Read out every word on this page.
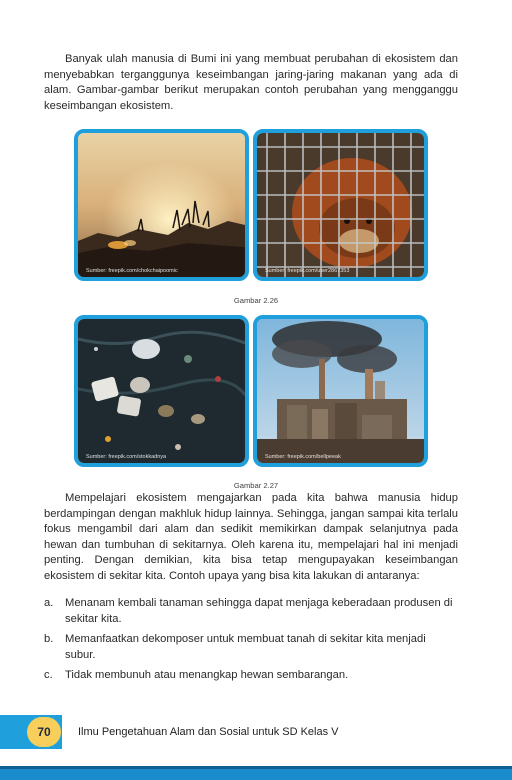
Banyak ulah manusia di Bumi ini yang membuat perubahan di ekosistem dan menyebabkan terganggunya keseimbangan jaring-jaring makanan yang ada di alam. Gambar-gambar berikut merupakan contoh perubahan yang mengganggu keseimbangan ekosistem.

Sumber: freepik.com/chokchaipoomic	Sumber: freepik.com/user2867353

Gambar 2.26

Sumber: freepik.com/stokkadnya	Sumber: freepik.com/bellpeeak

Gambar 2.27

Mempelajari ekosistem mengajarkan pada kita bahwa manusia hidup berdampingan dengan makhluk hidup lainnya. Sehingga, jangan sampai kita terlalu fokus mengambil dari alam dan sedikit memikirkan dampak selanjutnya pada hewan dan tumbuhan di sekitarnya. Oleh karena itu, mempelajari hal ini menjadi penting. Dengan demikian, kita bisa tetap mengupayakan keseimbangan ekosistem di sekitar kita. Contoh upaya yang bisa kita lakukan di antaranya:

a. Menanam kembali tanaman sehingga dapat menjaga keberadaan produsen di sekitar kita.
b. Memanfaatkan dekomposer untuk membuat tanah di sekitar kita menjadi subur.
c. Tidak membunuh atau menangkap hewan sembarangan.
70	Ilmu Pengetahuan Alam dan Sosial untuk SD Kelas V
